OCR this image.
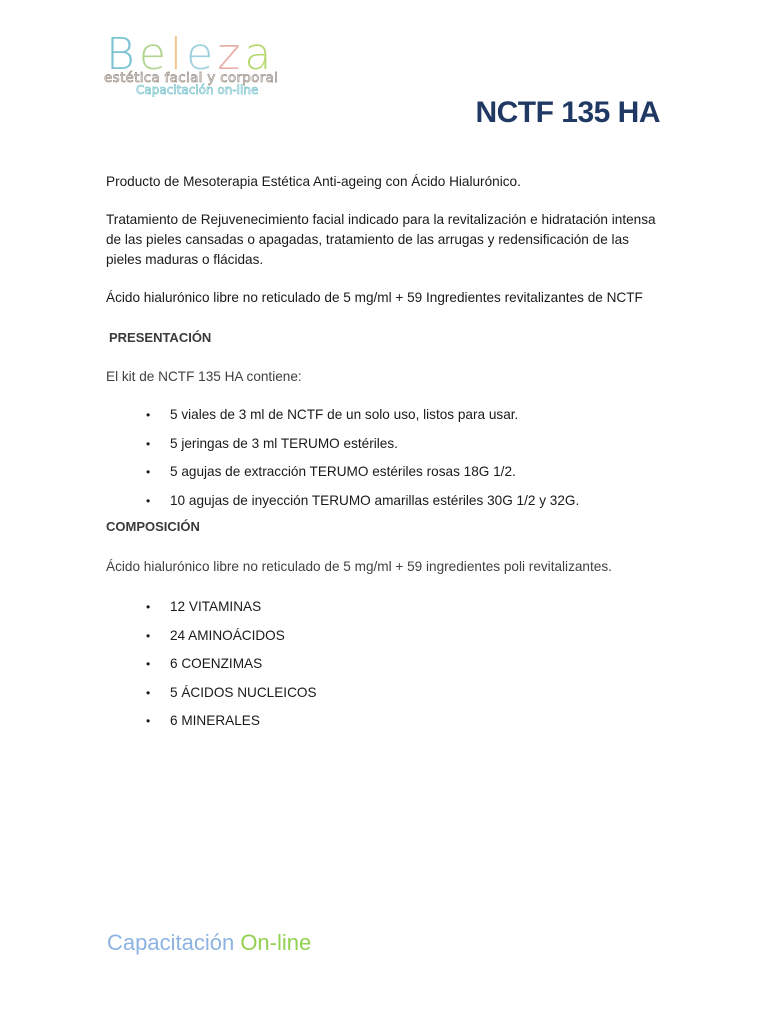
Beleza
estética facial y corporal
Capacitación on-line
NCTF 135 HA

Producto de Mesoterapia Estética Anti-ageing con Ácido Hialurónico.

Tratamiento de Rejuvenecimiento facial indicado para la revitalización e hidratación intensa de las pieles cansadas o apagadas, tratamiento de las arrugas y redensificación de las pieles maduras o flácidas.

Ácido hialurónico libre no reticulado de 5 mg/ml + 59 Ingredientes revitalizantes de NCTF

PRESENTACIÓN

El kit de NCTF 135 HA contiene:

• 5 viales de 3 ml de NCTF de un solo uso, listos para usar.
• 5 jeringas de 3 ml TERUMO estériles.
• 5 agujas de extracción TERUMO estériles rosas 18G 1/2.
• 10 agujas de inyección TERUMO amarillas estériles 30G 1/2 y 32G.
COMPOSICIÓN

Ácido hialurónico libre no reticulado de 5 mg/ml + 59 ingredientes poli revitalizantes.

• 12 VITAMINAS
• 24 AMINOÁCIDOS
• 6 COENZIMAS
• 5 ÁCIDOS NUCLEICOS
• 6 MINERALES
Capacitación On-line
